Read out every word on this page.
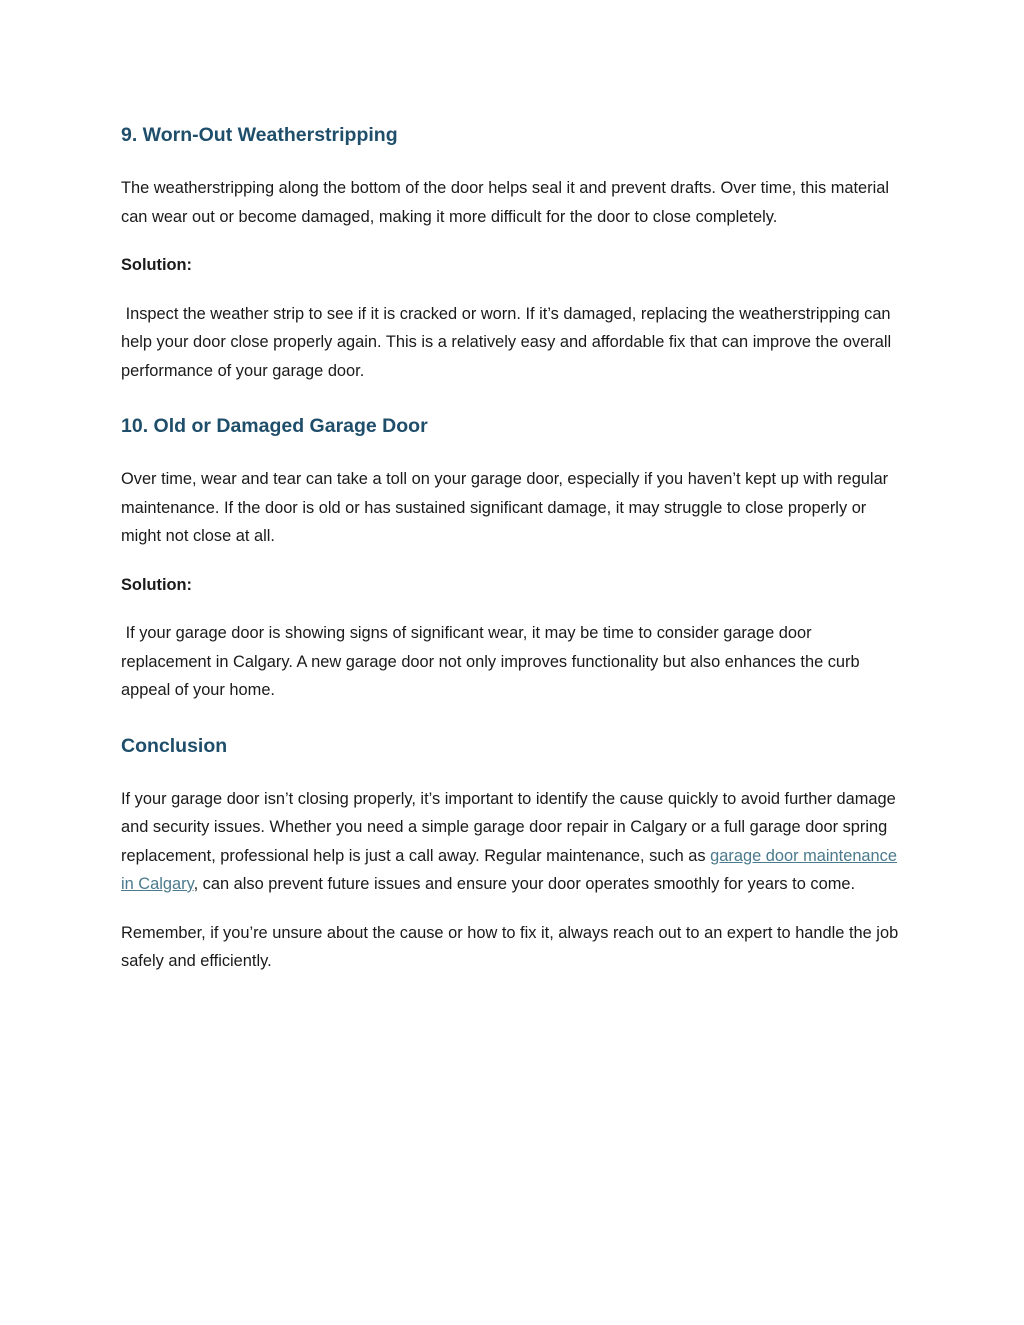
9. Worn-Out Weatherstripping

The weatherstripping along the bottom of the door helps seal it and prevent drafts. Over time, this material can wear out or become damaged, making it more difficult for the door to close completely.

Solution:

Inspect the weather strip to see if it is cracked or worn. If it’s damaged, replacing the weatherstripping can help your door close properly again. This is a relatively easy and affordable fix that can improve the overall performance of your garage door.

10. Old or Damaged Garage Door

Over time, wear and tear can take a toll on your garage door, especially if you haven’t kept up with regular maintenance. If the door is old or has sustained significant damage, it may struggle to close properly or might not close at all.

Solution:

If your garage door is showing signs of significant wear, it may be time to consider garage door replacement in Calgary. A new garage door not only improves functionality but also enhances the curb appeal of your home.

Conclusion

If your garage door isn’t closing properly, it’s important to identify the cause quickly to avoid further damage and security issues. Whether you need a simple garage door repair in Calgary or a full garage door spring replacement, professional help is just a call away. Regular maintenance, such as garage door maintenance in Calgary, can also prevent future issues and ensure your door operates smoothly for years to come.

Remember, if you’re unsure about the cause or how to fix it, always reach out to an expert to handle the job safely and efficiently.
